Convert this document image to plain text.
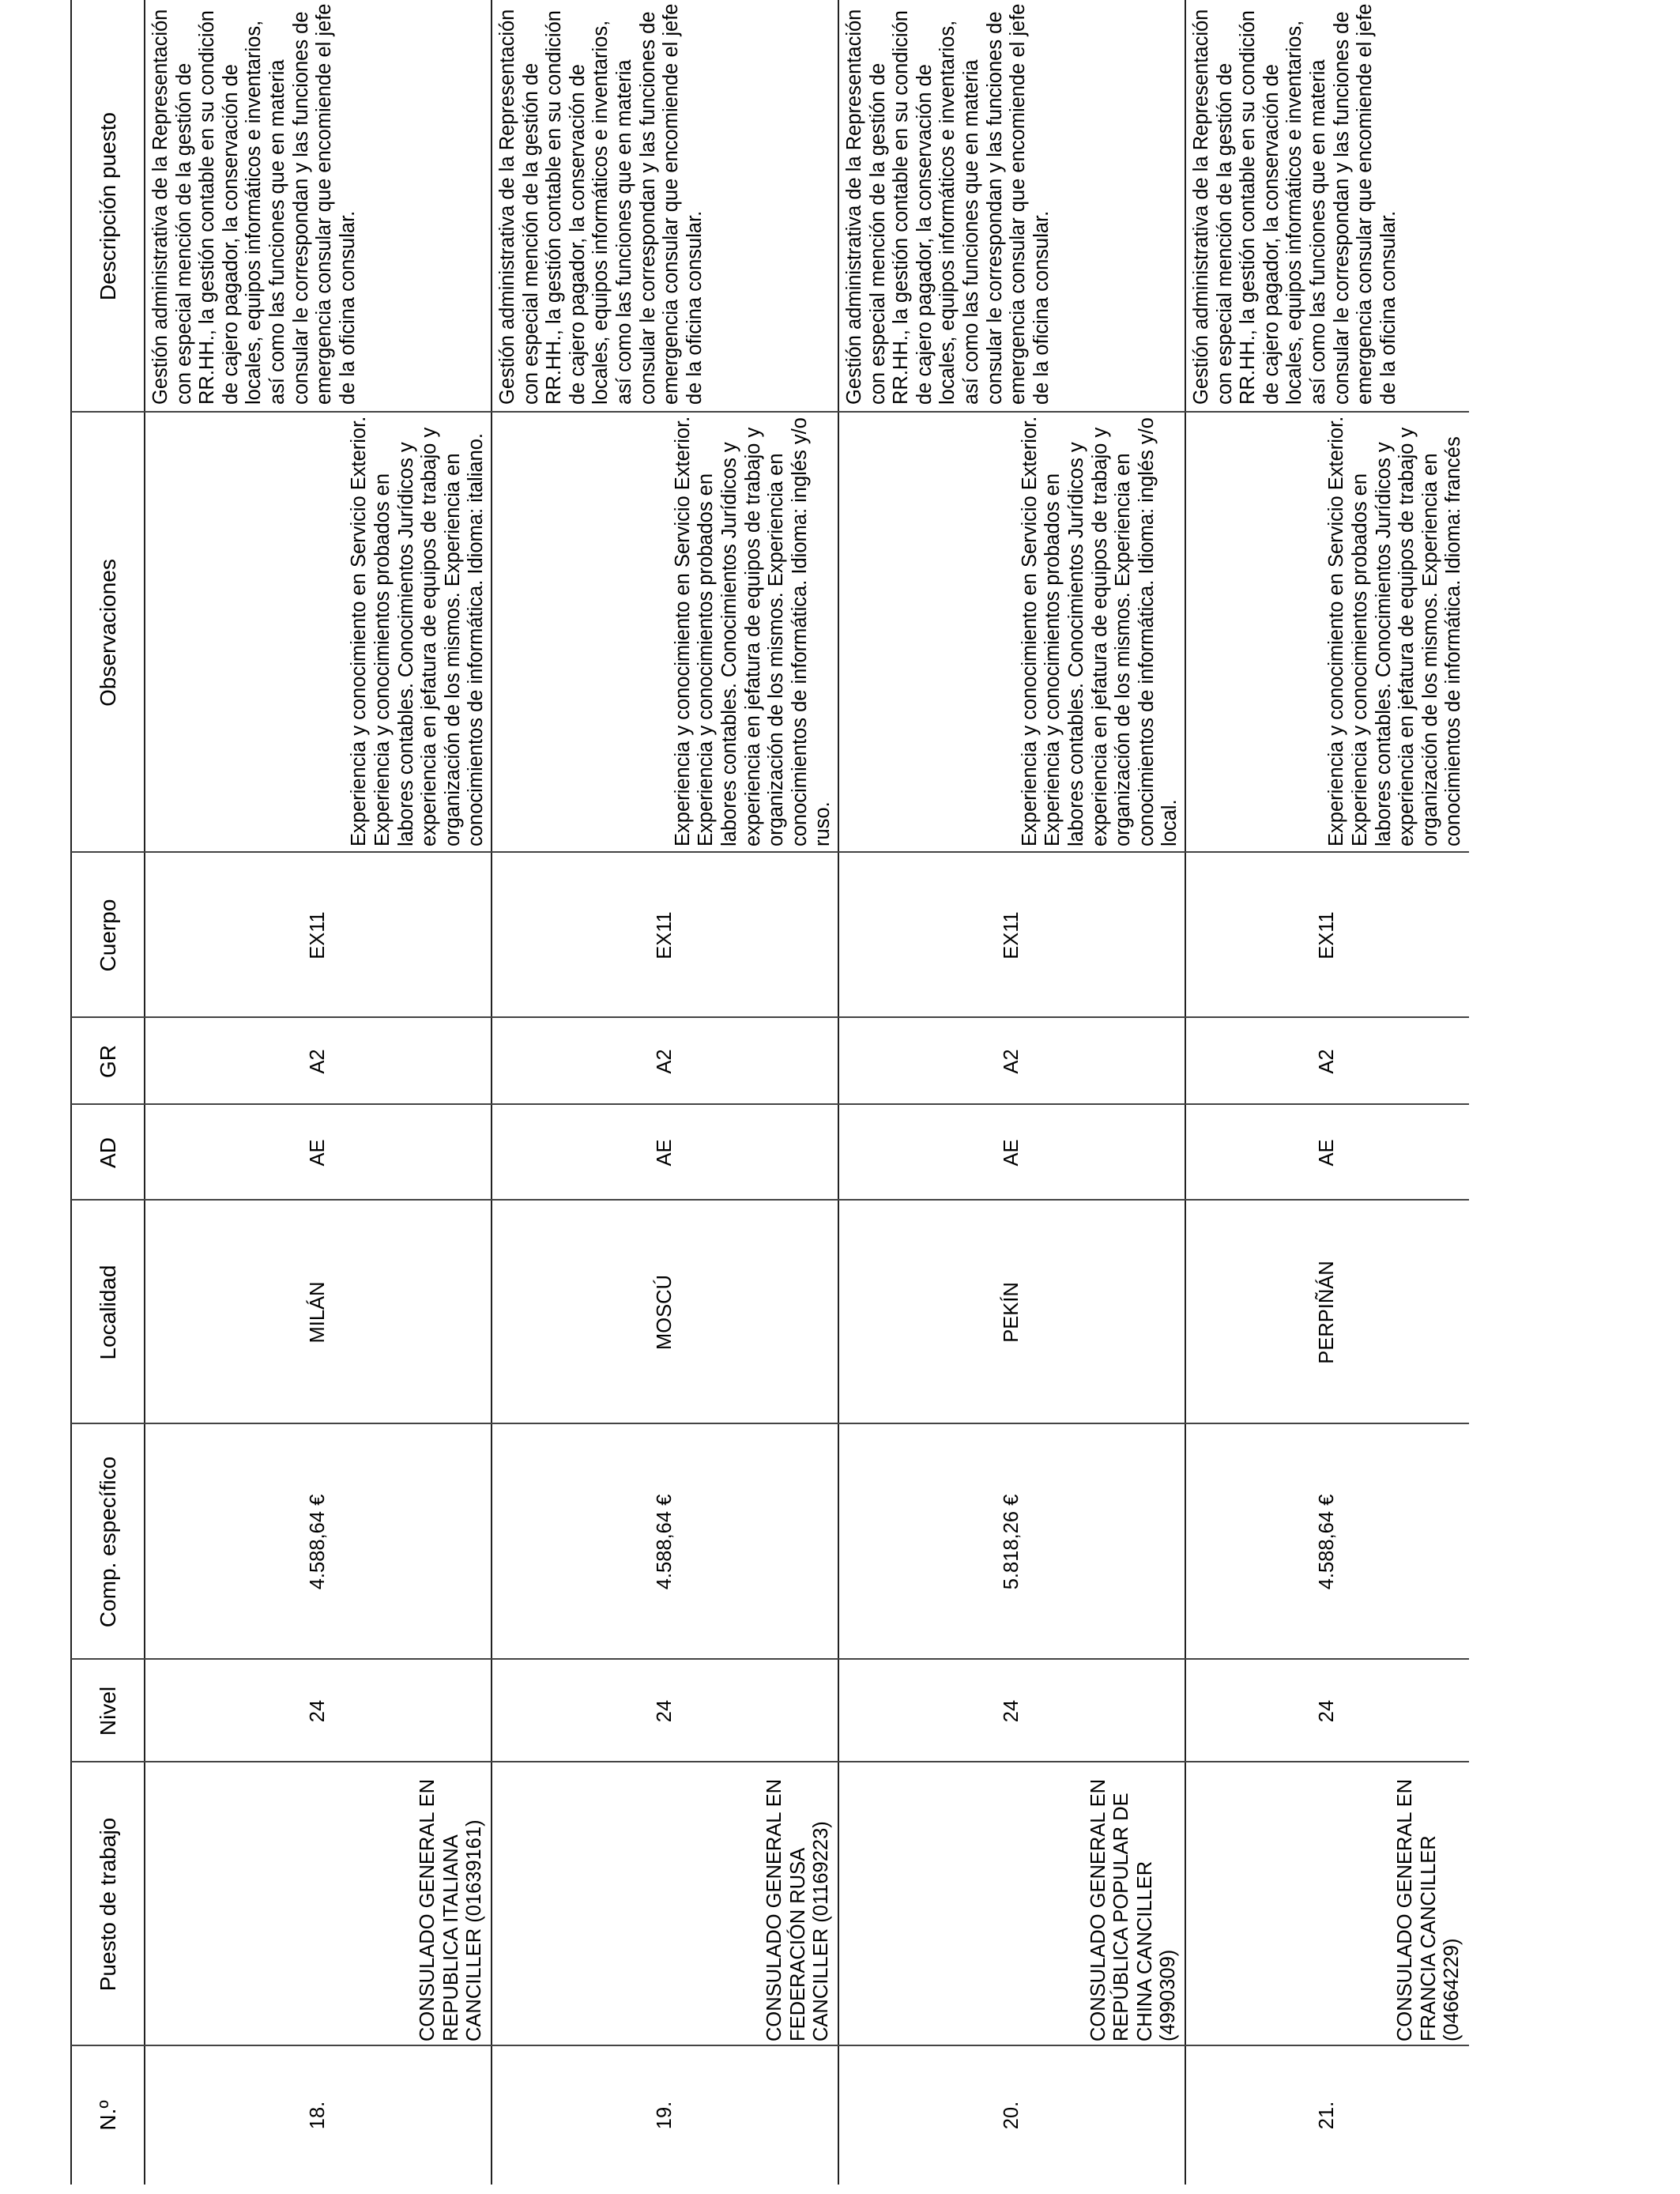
N.º
Puesto de trabajo
Nivel
Comp. específico
Localidad
AD
GR
Cuerpo
Observaciones
Descripción puesto
18.
CONSULADO GENERAL EN REPUBLICA ITALIANA CANCILLER (01639161)
24
4.588,64 €
MILÁN
AE
A2
EX11
Experiencia y conocimiento en Servicio Exterior. Experiencia y conocimientos probados en labores contables. Conocimientos Jurídicos y experiencia en jefatura de equipos de trabajo y organización de los mismos. Experiencia en conocimientos de informática. Idioma: italiano.
Gestión administrativa de la Representación con especial mención de la gestión de RR.HH., la gestión contable en su condición de cajero pagador, la conservación de locales, equipos informáticos e inventarios, así como las funciones que en materia consular le correspondan y las funciones de emergencia consular que encomiende el jefe de la oficina consular.
19.
CONSULADO GENERAL EN FEDERACIÓN RUSA CANCILLER (01169223)
24
4.588,64 €
MOSCÚ
AE
A2
EX11
Experiencia y conocimiento en Servicio Exterior. Experiencia y conocimientos probados en labores contables. Conocimientos Jurídicos y experiencia en jefatura de equipos de trabajo y organización de los mismos. Experiencia en conocimientos de informática. Idioma: inglés y/o ruso.
Gestión administrativa de la Representación con especial mención de la gestión de RR.HH., la gestión contable en su condición de cajero pagador, la conservación de locales, equipos informáticos e inventarios, así como las funciones que en materia consular le correspondan y las funciones de emergencia consular que encomiende el jefe de la oficina consular.
20.
CONSULADO GENERAL EN REPÚBLICA POPULAR DE CHINA CANCILLER (4990309)
24
5.818,26 €
PEKÍN
AE
A2
EX11
Experiencia y conocimiento en Servicio Exterior. Experiencia y conocimientos probados en labores contables. Conocimientos Jurídicos y experiencia en jefatura de equipos de trabajo y organización de los mismos. Experiencia en conocimientos de informática. Idioma: inglés y/o local.
Gestión administrativa de la Representación con especial mención de la gestión de RR.HH., la gestión contable en su condición de cajero pagador, la conservación de locales, equipos informáticos e inventarios, así como las funciones que en materia consular le correspondan y las funciones de emergencia consular que encomiende el jefe de la oficina consular.
21.
CONSULADO GENERAL EN FRANCIA CANCILLER (04664229)
24
4.588,64 €
PERPIÑÁN
AE
A2
EX11
Experiencia y conocimiento en Servicio Exterior. Experiencia y conocimientos probados en labores contables. Conocimientos Jurídicos y experiencia en jefatura de equipos de trabajo y organización de los mismos. Experiencia en conocimientos de informática. Idioma: francés
Gestión administrativa de la Representación con especial mención de la gestión de RR.HH., la gestión contable en su condición de cajero pagador, la conservación de locales, equipos informáticos e inventarios, así como las funciones que en materia consular le correspondan y las funciones de emergencia consular que encomiende el jefe de la oficina consular.
